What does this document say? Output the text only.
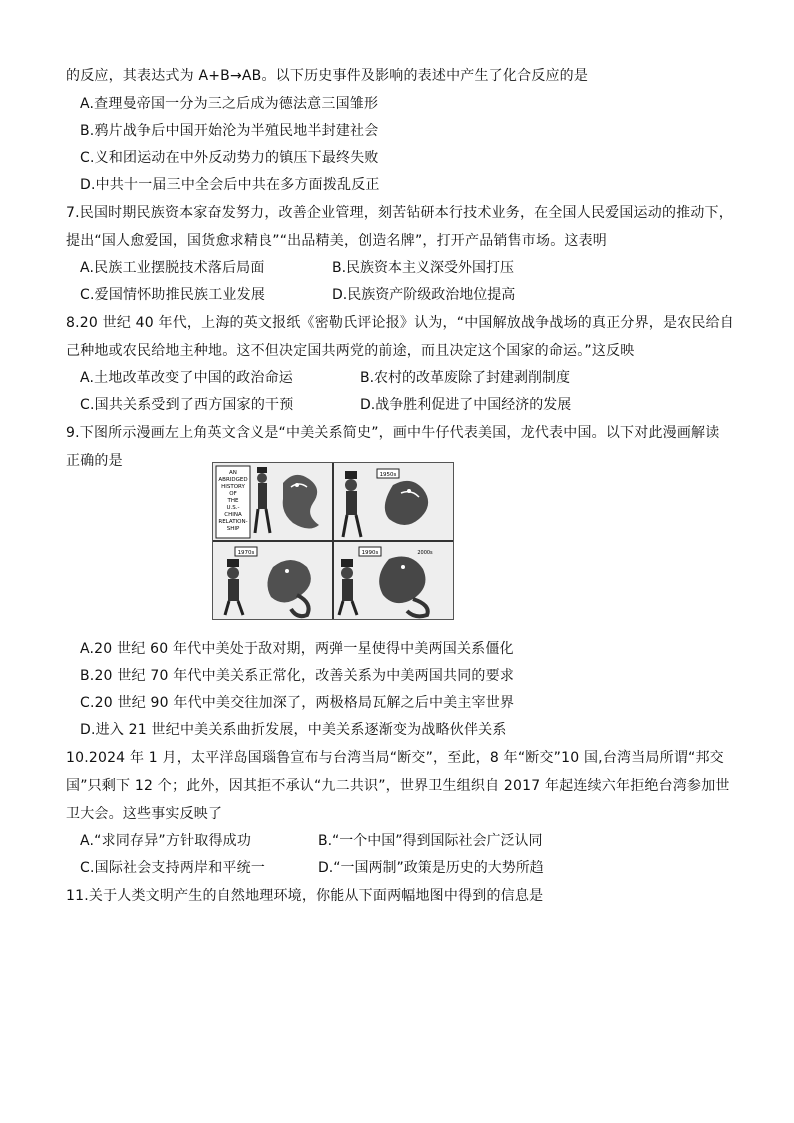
的反应，其表达式为 A+B→AB。以下历史事件及影响的表述中产生了化合反应的是
A.查理曼帝国一分为三之后成为德法意三国雏形
B.鸦片战争后中国开始沦为半殖民地半封建社会
C.义和团运动在中外反动势力的镇压下最终失败
D.中共十一届三中全会后中共在多方面拨乱反正
7.民国时期民族资本家奋发努力，改善企业管理，刻苦钻研本行技术业务，在全国人民爱国运动的推动下，
提出“国人愈爱国，国货愈求精良”“出品精美，创造名牌”，打开产品销售市场。这表明
A.民族工业摆脱技术落后局面	B.民族资本主义深受外国打压
C.爱国情怀助推民族工业发展	D.民族资产阶级政治地位提高
8.20 世纪 40 年代，上海的英文报纸《密勒氏评论报》认为，“中国解放战争战场的真正分界，是农民给自
己种地或农民给地主种地。这不但决定国共两党的前途，而且决定这个国家的命运。”这反映
A.土地改革改变了中国的政治命运	B.农村的改革废除了封建剥削制度
C.国共关系受到了西方国家的干预	D.战争胜利促进了中国经济的发展
9.下图所示漫画左上角英文含义是“中美关系简史”，画中牛仔代表美国，龙代表中国。以下对此漫画解读
正确的是
AN
ABRIDGED
HISTORY
OF
THE
U.S.-
CHINA
RELATION-
SHIP
1950s
1970s	1990s	2000s
A.20 世纪 60 年代中美处于敌对期，两弹一星使得中美两国关系僵化
B.20 世纪 70 年代中美关系正常化，改善关系为中美两国共同的要求
C.20 世纪 90 年代中美交往加深了，两极格局瓦解之后中美主宰世界
D.进入 21 世纪中美关系曲折发展，中美关系逐渐变为战略伙伴关系
10.2024 年 1 月，太平洋岛国瑙鲁宣布与台湾当局“断交”，至此，8 年“断交”10 国,台湾当局所谓“邦交
国”只剩下 12 个；此外，因其拒不承认“九二共识”，世界卫生组织自 2017 年起连续六年拒绝台湾参加世
卫大会。这些事实反映了
A.“求同存异”方针取得成功	B.“一个中国”得到国际社会广泛认同
C.国际社会支持两岸和平统一	D.“一国两制”政策是历史的大势所趋
11.关于人类文明产生的自然地理环境，你能从下面两幅地图中得到的信息是
